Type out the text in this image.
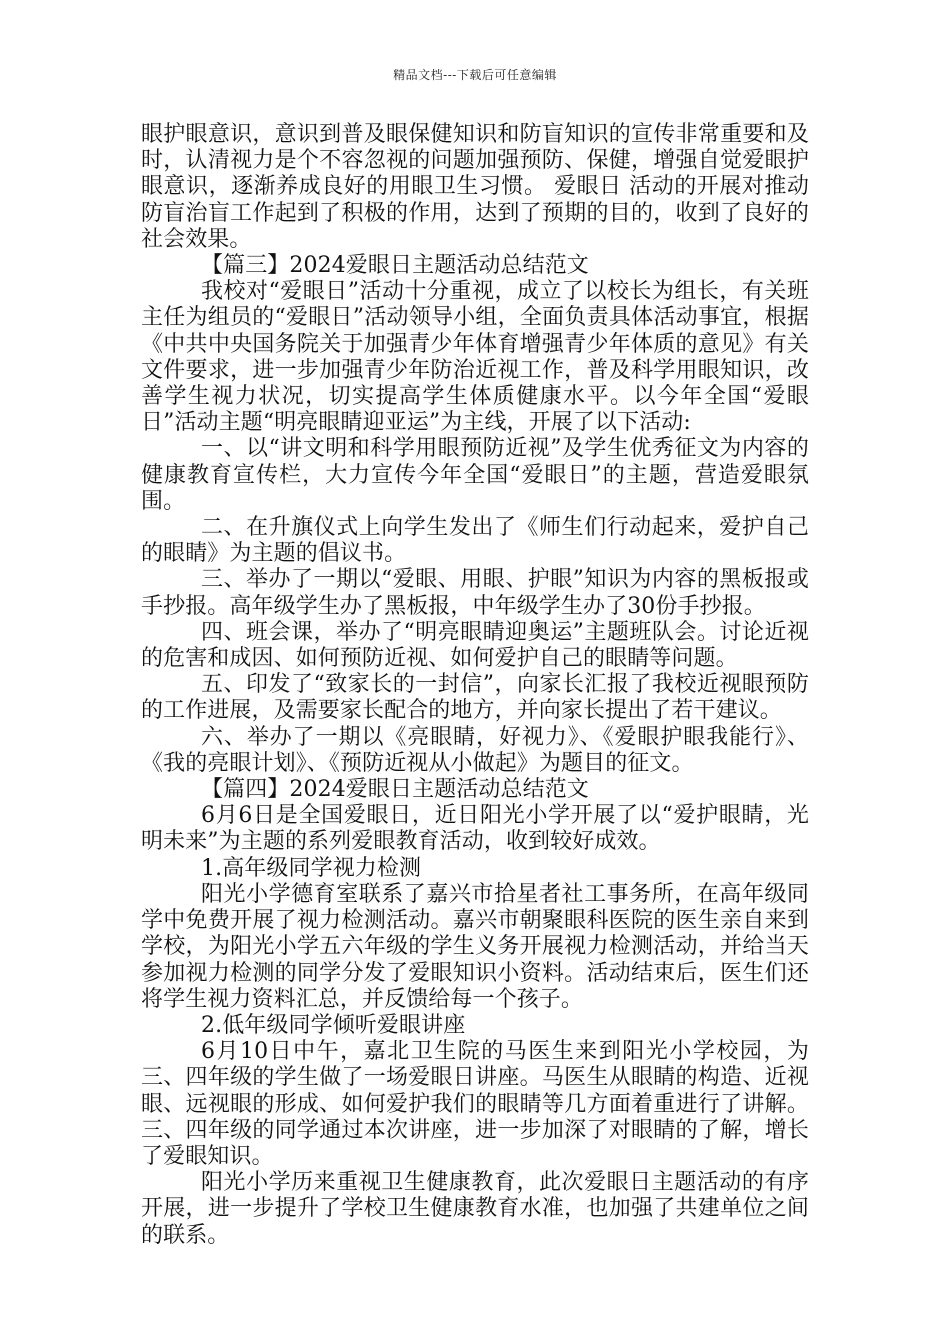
精品文档---下载后可任意编辑

眼护眼意识，意识到普及眼保健知识和防盲知识的宣传非常重要和及时，认清视力是个不容忽视的问题加强预防、保健，增强自觉爱眼护眼意识，逐渐养成良好的用眼卫生习惯。 爱眼日 活动的开展对推动防盲治盲工作起到了积极的作用，达到了预期的目的，收到了良好的社会效果。

【篇三】2024爱眼日主题活动总结范文

我校对“爱眼日”活动十分重视，成立了以校长为组长，有关班主任为组员的“爱眼日”活动领导小组，全面负责具体活动事宜，根据《中共中央国务院关于加强青少年体育增强青少年体质的意见》有关文件要求，进一步加强青少年防治近视工作，普及科学用眼知识，改善学生视力状况，切实提高学生体质健康水平。以今年全国“爱眼日”活动主题“明亮眼睛迎亚运”为主线，开展了以下活动:

一、以“讲文明和科学用眼预防近视”及学生优秀征文为内容的健康教育宣传栏，大力宣传今年全国“爱眼日”的主题，营造爱眼氛围。

二、在升旗仪式上向学生发出了《师生们行动起来，爱护自己的眼睛》为主题的倡议书。

三、举办了一期以“爱眼、用眼、护眼”知识为内容的黑板报或手抄报。高年级学生办了黑板报，中年级学生办了30份手抄报。

四、班会课，举办了“明亮眼睛迎奥运”主题班队会。讨论近视的危害和成因、如何预防近视、如何爱护自己的眼睛等问题。

五、印发了“致家长的一封信”，向家长汇报了我校近视眼预防的工作进展，及需要家长配合的地方，并向家长提出了若干建议。

六、举办了一期以《亮眼睛，好视力》、《爱眼护眼我能行》、《我的亮眼计划》、《预防近视从小做起》为题目的征文。

【篇四】2024爱眼日主题活动总结范文

6月6日是全国爱眼日，近日阳光小学开展了以“爱护眼睛，光明未来”为主题的系列爱眼教育活动，收到较好成效。

1.高年级同学视力检测

阳光小学德育室联系了嘉兴市拾星者社工事务所，在高年级同学中免费开展了视力检测活动。嘉兴市朝聚眼科医院的医生亲自来到学校，为阳光小学五六年级的学生义务开展视力检测活动，并给当天参加视力检测的同学分发了爱眼知识小资料。活动结束后，医生们还将学生视力资料汇总，并反馈给每一个孩子。

2.低年级同学倾听爱眼讲座

6月10日中午，嘉北卫生院的马医生来到阳光小学校园，为三、四年级的学生做了一场爱眼日讲座。马医生从眼睛的构造、近视眼、远视眼的形成、如何爱护我们的眼睛等几方面着重进行了讲解。三、四年级的同学通过本次讲座，进一步加深了对眼睛的了解，增长了爱眼知识。

阳光小学历来重视卫生健康教育，此次爱眼日主题活动的有序开展，进一步提升了学校卫生健康教育水准，也加强了共建单位之间的联系。
